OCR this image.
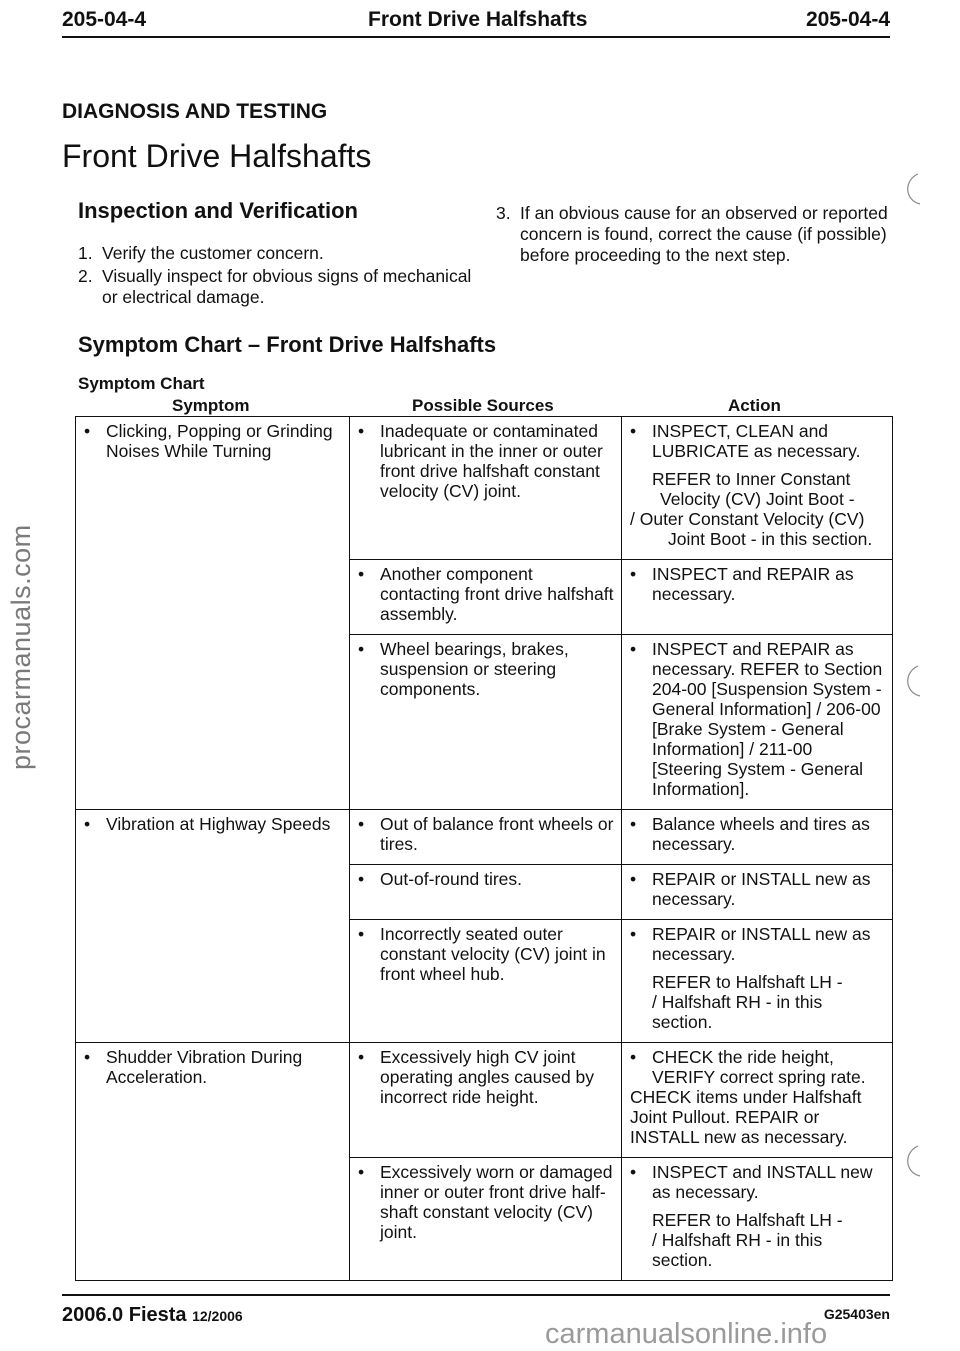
205-04-4	Front Drive Halfshafts	205-04-4
DIAGNOSIS AND TESTING
Front Drive Halfshafts
Inspection and Verification
1. Verify the customer concern.
2. Visually inspect for obvious signs of mechanical or electrical damage.
3. If an obvious cause for an observed or reported concern is found, correct the cause (if possible) before proceeding to the next step.
Symptom Chart – Front Drive Halfshafts
Symptom Chart
Symptom	Possible Sources	Action
• Clicking, Popping or Grinding Noises While Turning	• Inadequate or contaminated lubricant in the inner or outer front drive halfshaft constant velocity (CV) joint.	• INSPECT, CLEAN and LUBRICATE as necessary.
REFER to Inner Constant
Velocity (CV) Joint Boot -
/ Outer Constant Velocity (CV)
Joint Boot - in this section.

	• Another component contacting front drive halfshaft assembly.	• INSPECT and REPAIR as necessary.

	• Wheel bearings, brakes, suspension or steering components.	• INSPECT and REPAIR as necessary. REFER to Section 204-00 [Suspension System - General Information] / 206-00 [Brake System - General Information] / 211-00 [Steering System - General Information].

• Vibration at Highway Speeds	• Out of balance front wheels or tires.	• Balance wheels and tires as necessary.

	• Out-of-round tires.	• REPAIR or INSTALL new as necessary.

	• Incorrectly seated outer constant velocity (CV) joint in front wheel hub.	• REPAIR or INSTALL new as necessary.
REFER to Halfshaft LH -
/ Halfshaft RH - in this section.

• Shudder Vibration During Acceleration.	• Excessively high CV joint operating angles caused by incorrect ride height.	• CHECK the ride height, VERIFY correct spring rate.
CHECK items under Halfshaft Joint Pullout. REPAIR or INSTALL new as necessary.

	• Excessively worn or damaged inner or outer front drive half-shaft constant velocity (CV) joint.	• INSPECT and INSTALL new as necessary.
REFER to Halfshaft LH -
/ Halfshaft RH - in this section.
procarmanuals.com
2006.0 Fiesta 12/2006	G25403en
carmanualsonline.info
